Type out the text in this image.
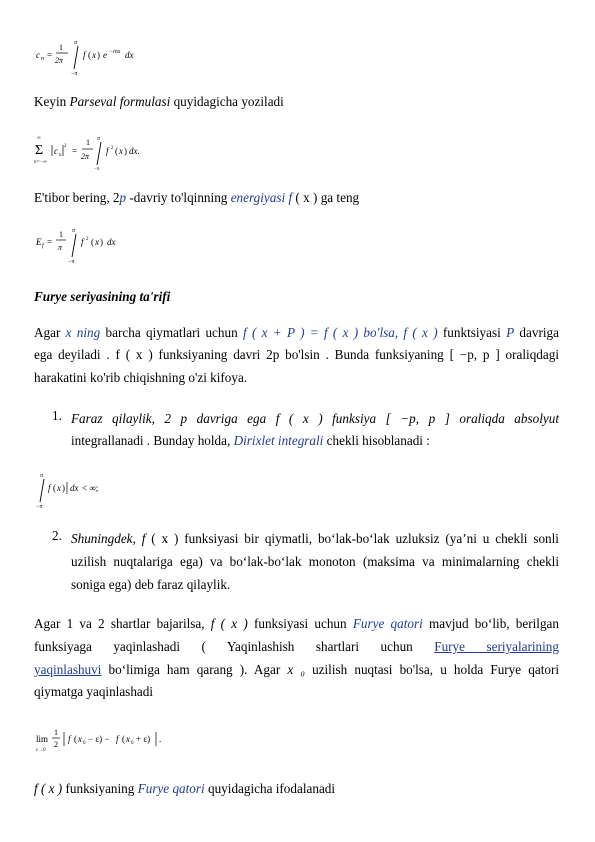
c n =
1
2π
π
−π
f ( x ) e −inx dx
Keyin Parseval formulasi quyidagicha yoziladi
∞
Σ
n=−∞
c n
2 =
1
2π
π
−π
f 2 ( x ) dx.
E'tibor bering, 2p -davriy to'lqinning energiyasi f ( x ) ga teng
E f =
1
π
π
−π
f 2 ( x ) dx
Furye seriyasining ta'rifi
Agar x ning barcha qiymatlari uchun f ( x + P ) = f ( x ) bo'lsa, f ( x ) funktsiyasi P davriga
ega deyiladi . f ( x ) funksiyaning davri 2p bo'lsin . Bunda funksiyaning [ −p, p ] oraliqdagi
harakatini ko'rib chiqishning o'zi kifoya.
1. Faraz qilaylik, 2 p davriga ega f ( x ) funksiya [ −p, p ] oraliqda absolyut
integrallanadi . Bunday holda, Dirixlet integrali chekli hisoblanadi :
π
−π
f ( x ) dx < ∞;
2. Shuningdek, f ( x ) funksiyasi bir qiymatli, bo‘lak-bo‘lak uzluksiz (ya’ni u chekli sonli
uzilish nuqtalariga ega) va bo‘lak-bo‘lak monoton (maksima va minimalarning chekli
soniga ega) deb faraz qilaylik.
Agar 1 va 2 shartlar bajarilsa, f ( x ) funksiyasi uchun Furye qatori mavjud bo‘lib, berilgan
funksiyaga yaqinlashadi ( Yaqinlashish shartlari uchun Furye seriyalarining
yaqinlashuvi bo‘limiga ham qarang ). Agar x ₀ uzilish nuqtasi bo'lsa, u holda Furye qatori
qiymatga yaqinlashadi
lim
ε→0
1
2
f ( x 0 − ε) − f ( x 0 + ε) .
f ( x ) funksiyaning Furye qatori quyidagicha ifodalanadi
